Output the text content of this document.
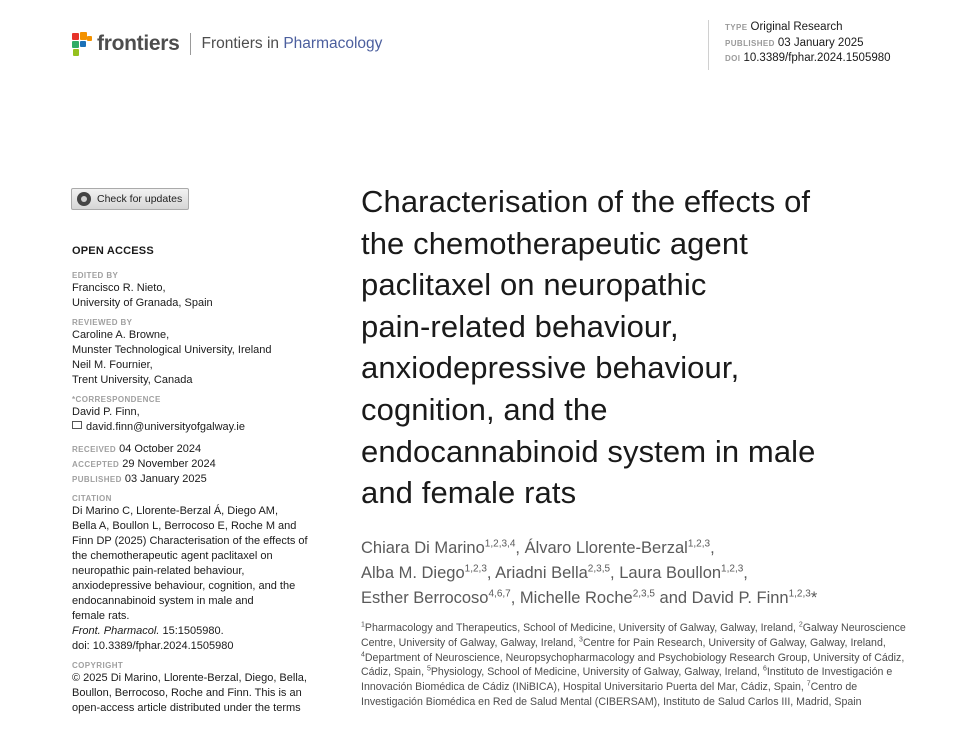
frontiers Frontiers in Pharmacology
TYPE Original Research
PUBLISHED 03 January 2025
DOI 10.3389/fphar.2024.1505980
Check for updates
OPEN ACCESS
EDITED BY
Francisco R. Nieto,
University of Granada, Spain
REVIEWED BY
Caroline A. Browne,
Munster Technological University, Ireland
Neil M. Fournier,
Trent University, Canada
*CORRESPONDENCE
David P. Finn,
david.finn@universityofgalway.ie
RECEIVED 04 October 2024
ACCEPTED 29 November 2024
PUBLISHED 03 January 2025
CITATION
Di Marino C, Llorente-Berzal Á, Diego AM,
Bella A, Boullon L, Berrocoso E, Roche M and
Finn DP (2025) Characterisation of the effects of
the chemotherapeutic agent paclitaxel on
neuropathic pain-related behaviour,
anxiodepressive behaviour, cognition, and the
endocannabinoid system in male and
female rats.
Front. Pharmacol. 15:1505980.
doi: 10.3389/fphar.2024.1505980
COPYRIGHT
© 2025 Di Marino, Llorente-Berzal, Diego, Bella,
Boullon, Berrocoso, Roche and Finn. This is an
open-access article distributed under the terms
Characterisation of the effects of
the chemotherapeutic agent
paclitaxel on neuropathic
pain-related behaviour,
anxiodepressive behaviour,
cognition, and the
endocannabinoid system in male
and female rats
Chiara Di Marino$^{1,2,3,4}$, Álvaro Llorente-Berzal$^{1,2,3}$,
Alba M. Diego$^{1,2,3}$, Ariadni Bella$^{2,3,5}$, Laura Boullon$^{1,2,3}$,
Esther Berrocoso$^{4,6,7}$, Michelle Roche$^{2,3,5}$ and David P. Finn$^{1,2,3}$*
$^1$Pharmacology and Therapeutics, School of Medicine, University of Galway, Galway, Ireland, $^2$Galway Neuroscience Centre, University of Galway, Galway, Ireland, $^3$Centre for Pain Research, University of Galway, Galway, Ireland, $^4$Department of Neuroscience, Neuropsychopharmacology and Psychobiology Research Group, University of Cádiz, Cádiz, Spain, $^5$Physiology, School of Medicine, University of Galway, Galway, Ireland, $^6$Instituto de Investigación e Innovación Biomédica de Cádiz (INiBICA), Hospital Universitario Puerta del Mar, Cádiz, Spain, $^7$Centro de Investigación Biomédica en Red de Salud Mental (CIBERSAM), Instituto de Salud Carlos III, Madrid, Spain
